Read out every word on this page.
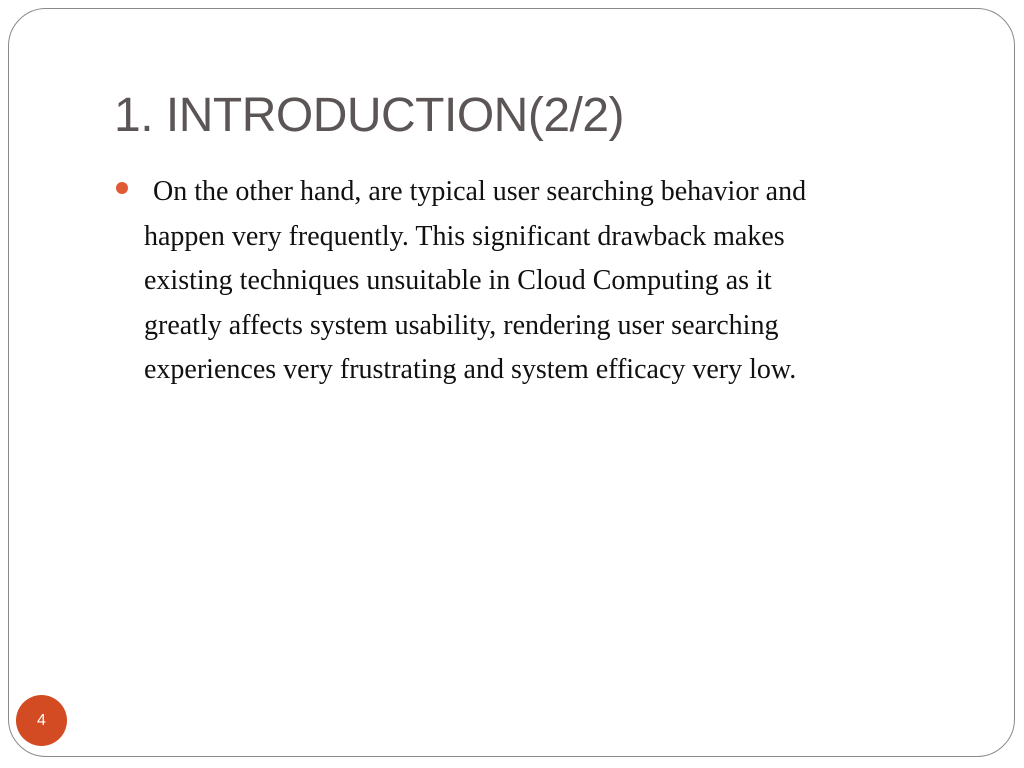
1. INTRODUCTION(2/2)

On the other hand, are typical user searching behavior and
happen very frequently. This significant drawback makes
existing techniques unsuitable in Cloud Computing as it
greatly affects system usability, rendering user searching
experiences very frustrating and system efficacy very low.

4
